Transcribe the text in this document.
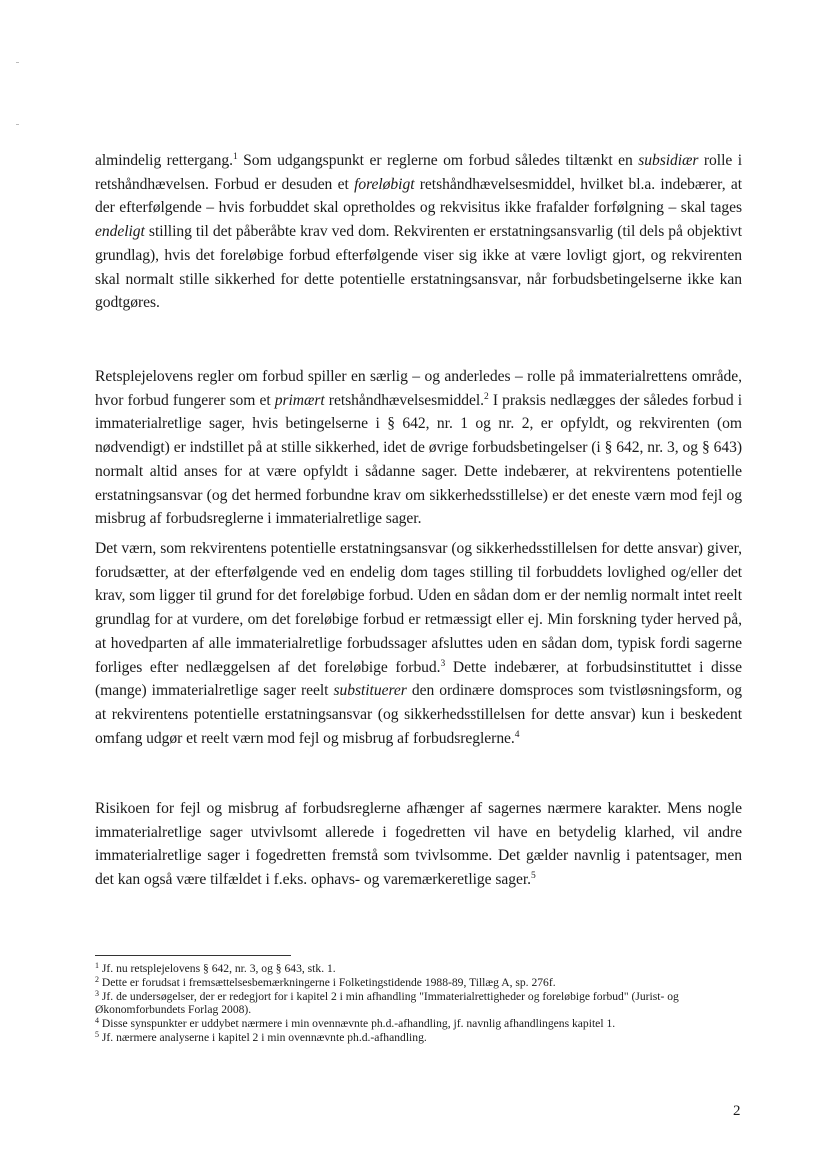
almindelig rettergang.$^1$ Som udgangspunkt er reglerne om forbud således tiltænkt en subsidiær rolle i retshåndhævelsen. Forbud er desuden et foreløbigt retshåndhævelsesmiddel, hvilket bl.a. indebærer, at der efterfølgende – hvis forbuddet skal opretholdes og rekvisitus ikke frafalder forfølgning – skal tages endeligt stilling til det påberåbte krav ved dom. Rekvirenten er erstatningsansvarlig (til dels på objektivt grundlag), hvis det foreløbige forbud efterfølgende viser sig ikke at være lovligt gjort, og rekvirenten skal normalt stille sikkerhed for dette potentielle erstatningsansvar, når forbudsbetingelserne ikke kan godtgøres.

Retsplejelovens regler om forbud spiller en særlig – og anderledes – rolle på immaterialrettens område, hvor forbud fungerer som et primært retshåndhævelsesmiddel.$^2$ I praksis nedlægges der således forbud i immaterialretlige sager, hvis betingelserne i § 642, nr. 1 og nr. 2, er opfyldt, og rekvirenten (om nødvendigt) er indstillet på at stille sikkerhed, idet de øvrige forbudsbetingelser (i § 642, nr. 3, og § 643) normalt altid anses for at være opfyldt i sådanne sager. Dette indebærer, at rekvirentens potentielle erstatningsansvar (og det hermed forbundne krav om sikkerhedsstillelse) er det eneste værn mod fejl og misbrug af forbudsreglerne i immaterialretlige sager.

Det værn, som rekvirentens potentielle erstatningsansvar (og sikkerhedsstillelsen for dette ansvar) giver, forudsætter, at der efterfølgende ved en endelig dom tages stilling til forbuddets lovlighed og/eller det krav, som ligger til grund for det foreløbige forbud. Uden en sådan dom er der nemlig normalt intet reelt grundlag for at vurdere, om det foreløbige forbud er retmæssigt eller ej. Min forskning tyder herved på, at hovedparten af alle immaterialretlige forbudssager afsluttes uden en sådan dom, typisk fordi sagerne forliges efter nedlæggelsen af det foreløbige forbud.$^3$ Dette indebærer, at forbudsinstituttet i disse (mange) immaterialretlige sager reelt substituerer den ordinære domsproces som tvistløsningsform, og at rekvirentens potentielle erstatningsansvar (og sikkerhedsstillelsen for dette ansvar) kun i beskedent omfang udgør et reelt værn mod fejl og misbrug af forbudsreglerne.$^4$

Risikoen for fejl og misbrug af forbudsreglerne afhænger af sagernes nærmere karakter. Mens nogle immaterialretlige sager utvivlsomt allerede i fogedretten vil have en betydelig klarhed, vil andre immaterialretlige sager i fogedretten fremstå som tvivlsomme. Det gælder navnlig i patentsager, men det kan også være tilfældet i f.eks. ophavs- og varemærkeretlige sager.$^5$

$^1$ Jf. nu retsplejelovens § 642, nr. 3, og § 643, stk. 1.

$^2$ Dette er forudsat i fremsættelsesbemærkningerne i Folketingstidende 1988-89, Tillæg A, sp. 276f.

$^3$ Jf. de undersøgelser, der er redegjort for i kapitel 2 i min afhandling "Immaterialrettigheder og foreløbige forbud" (Jurist- og Økonomforbundets Forlag 2008).

$^4$ Disse synspunkter er uddybet nærmere i min ovennævnte ph.d.-afhandling, jf. navnlig afhandlingens kapitel 1.

$^5$ Jf. nærmere analyserne i kapitel 2 i min ovennævnte ph.d.-afhandling.

2
